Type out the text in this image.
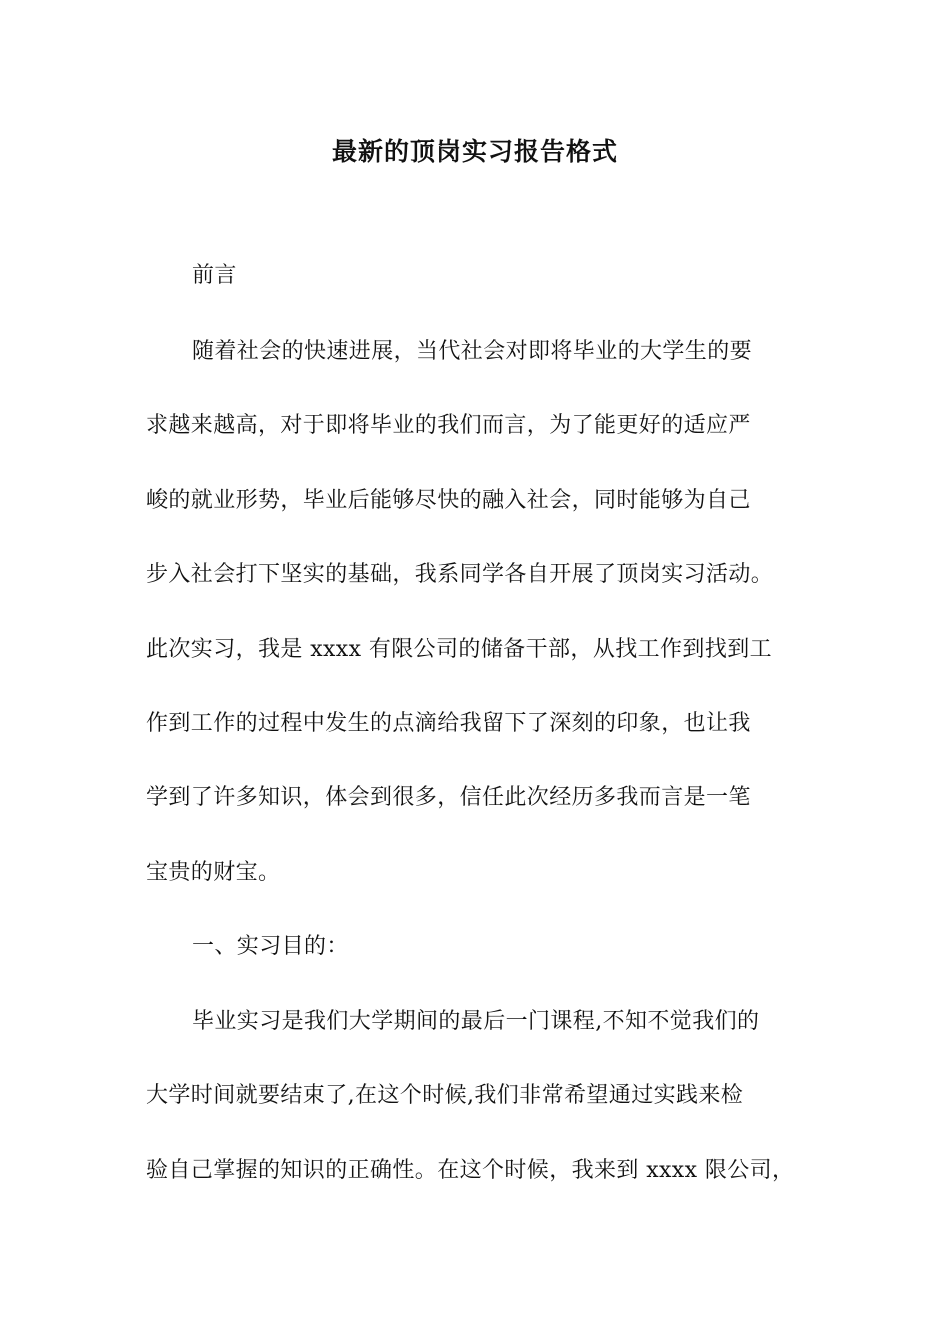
最新的顶岗实习报告格式
前言
随着社会的快速进展，当代社会对即将毕业的大学生的要
求越来越高，对于即将毕业的我们而言，为了能更好的适应严
峻的就业形势，毕业后能够尽快的融入社会，同时能够为自己
步入社会打下坚实的基础，我系同学各自开展了顶岗实习活动。
此次实习，我是 xxxx 有限公司的储备干部，从找工作到找到工
作到工作的过程中发生的点滴给我留下了深刻的印象，也让我
学到了许多知识，体会到很多，信任此次经历多我而言是一笔
宝贵的财宝。
一、实习目的：
毕业实习是我们大学期间的最后一门课程,不知不觉我们的
大学时间就要结束了,在这个时候,我们非常希望通过实践来检
验自己掌握的知识的正确性。在这个时候，我来到 xxxx 限公司，
